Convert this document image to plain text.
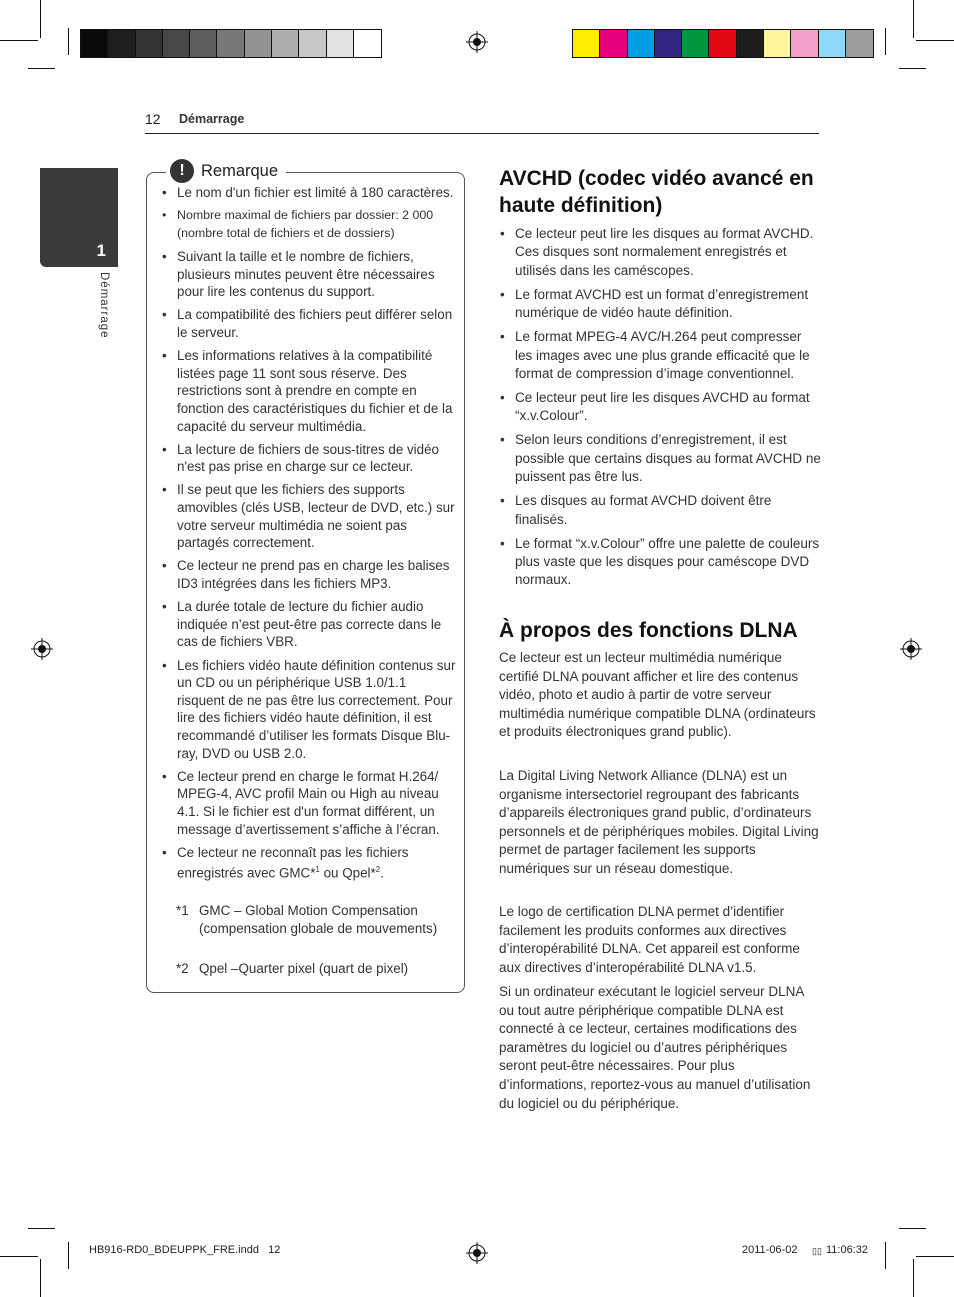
12 Démarrage
1
Démarrage
! Remarque
• Le nom d'un fichier est limité à 180 caractères.
• Nombre maximal de fichiers par dossier: 2 000 (nombre total de fichiers et de dossiers)
• Suivant la taille et le nombre de fichiers, plusieurs minutes peuvent être nécessaires pour lire les contenus du support.
• La compatibilité des fichiers peut différer selon le serveur.
• Les informations relatives à la compatibilité listées page 11 sont sous réserve. Des restrictions sont à prendre en compte en fonction des caractéristiques du fichier et de la capacité du serveur multimédia.
• La lecture de fichiers de sous-titres de vidéo n'est pas prise en charge sur ce lecteur.
• Il se peut que les fichiers des supports amovibles (clés USB, lecteur de DVD, etc.) sur votre serveur multimédia ne soient pas partagés correctement.
• Ce lecteur ne prend pas en charge les balises ID3 intégrées dans les fichiers MP3.
• La durée totale de lecture du fichier audio indiquée n’est peut-être pas correcte dans le cas de fichiers VBR.
• Les fichiers vidéo haute définition contenus sur un CD ou un périphérique USB 1.0/1.1 risquent de ne pas être lus correctement. Pour lire des fichiers vidéo haute définition, il est recommandé d’utiliser les formats Disque Blu-ray, DVD ou USB 2.0.
• Ce lecteur prend en charge le format H.264/ MPEG-4, AVC profil Main ou High au niveau 4.1. Si le fichier est d'un format différent, un message d’avertissement s’affiche à l’écran.
• Ce lecteur ne reconnaît pas les fichiers enregistrés avec GMC*$^1$ ou Qpel*$^2$.
*1 GMC – Global Motion Compensation (compensation globale de mouvements)
*2 Qpel –Quarter pixel (quart de pixel)
AVCHD (codec vidéo avancé en haute définition)
• Ce lecteur peut lire les disques au format AVCHD. Ces disques sont normalement enregistrés et utilisés dans les caméscopes.
• Le format AVCHD est un format d’enregistrement numérique de vidéo haute définition.
• Le format MPEG-4 AVC/H.264 peut compresser les images avec une plus grande efficacité que le format de compression d’image conventionnel.
• Ce lecteur peut lire les disques AVCHD au format “x.v.Colour”.
• Selon leurs conditions d’enregistrement, il est possible que certains disques au format AVCHD ne puissent pas être lus.
• Les disques au format AVCHD doivent être finalisés.
• Le format “x.v.Colour” offre une palette de couleurs plus vaste que les disques pour caméscope DVD normaux.
À propos des fonctions DLNA

Ce lecteur est un lecteur multimédia numérique certifié DLNA pouvant afficher et lire des contenus vidéo, photo et audio à partir de votre serveur multimédia numérique compatible DLNA (ordinateurs et produits électroniques grand public).

La Digital Living Network Alliance (DLNA) est un organisme intersectoriel regroupant des fabricants d’appareils électroniques grand public, d’ordinateurs personnels et de périphériques mobiles. Digital Living permet de partager facilement les supports numériques sur un réseau domestique.

Le logo de certification DLNA permet d’identifier facilement les produits conformes aux directives d’interopérabilité DLNA. Cet appareil est conforme aux directives d’interopérabilité DLNA v1.5.

Si un ordinateur exécutant le logiciel serveur DLNA ou tout autre périphérique compatible DLNA est connecté à ce lecteur, certaines modifications des paramètres du logiciel ou d’autres périphériques seront peut-être nécessaires. Pour plus d’informations, reportez-vous au manuel d’utilisation du logiciel ou du périphérique.

HB916-RD0_BDEUPPK_FRE.indd   12	2011-06-02 ▯▯ 11:06:32
